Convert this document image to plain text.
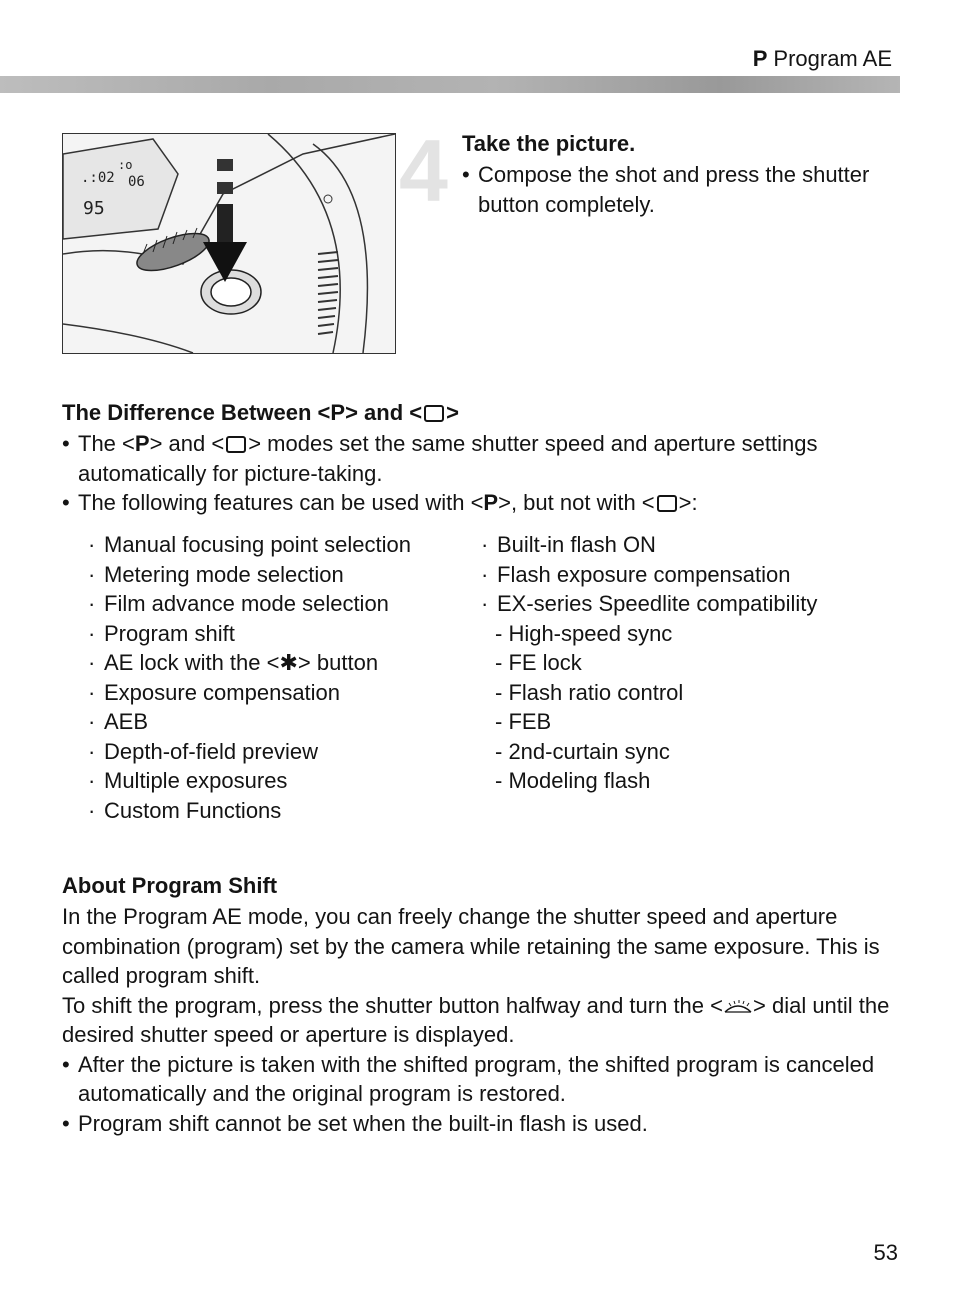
P Program AE
.:02
:o
06
95	4 Take the picture.
• Compose the shot and press the shutter button completely.
The Difference Between <P> and < >
• The <P> and < > modes set the same shutter speed and aperture settings automatically for picture-taking.
• The following features can be used with <P>, but not with < >:
· Manual focusing point selection
· Metering mode selection
· Film advance mode selection
· Program shift
· AE lock with the <✱> button
· Exposure compensation
· AEB
· Depth-of-field preview
· Multiple exposures
· Custom Functions
· Built-in flash ON
· Flash exposure compensation
· EX-series Speedlite compatibility
- High-speed sync
- FE lock
- Flash ratio control
- FEB
- 2nd-curtain sync
- Modeling flash
About Program Shift
In the Program AE mode, you can freely change the shutter speed and aperture combination (program) set by the camera while retaining the same exposure. This is called program shift.
To shift the program, press the shutter button halfway and turn the < > dial until the desired shutter speed or aperture is displayed.
• After the picture is taken with the shifted program, the shifted program is canceled automatically and the original program is restored.
• Program shift cannot be set when the built-in flash is used.
53
